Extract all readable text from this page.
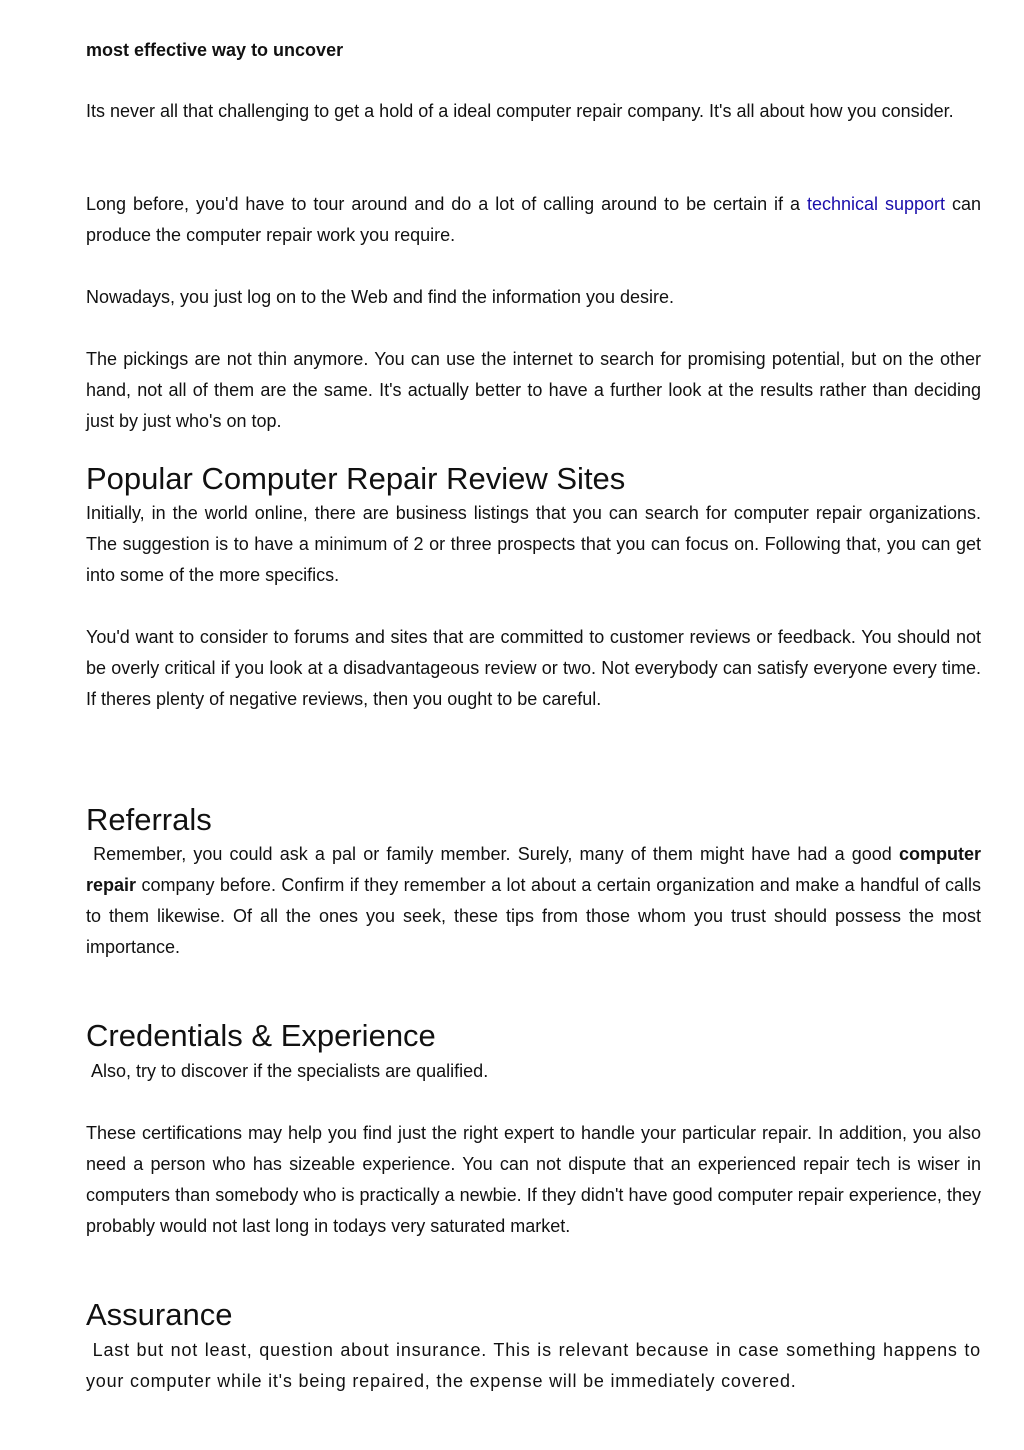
most effective way to uncover

Its never all that challenging to get a hold of a ideal computer repair company. It's all about how you consider.

Long before, you'd have to tour around and do a lot of calling around to be certain if a technical support can produce the computer repair work you require.

Nowadays, you just log on to the Web and find the information you desire.

The pickings are not thin anymore. You can use the internet to search for promising potential, but on the other hand, not all of them are the same. It's actually better to have a further look at the results rather than deciding just by just who's on top.

Popular Computer Repair Review Sites

Initially, in the world online, there are business listings that you can search for computer repair organizations. The suggestion is to have a minimum of 2 or three prospects that you can focus on. Following that, you can get into some of the more specifics.

You'd want to consider to forums and sites that are committed to customer reviews or feedback. You should not be overly critical if you look at a disadvantageous review or two. Not everybody can satisfy everyone every time. If theres plenty of negative reviews, then you ought to be careful.

Referrals

Remember, you could ask a pal or family member. Surely, many of them might have had a good computer repair company before. Confirm if they remember a lot about a certain organization and make a handful of calls to them likewise. Of all the ones you seek, these tips from those whom you trust should possess the most importance.

Credentials & Experience

Also, try to discover if the specialists are qualified.

These certifications may help you find just the right expert to handle your particular repair. In addition, you also need a person who has sizeable experience. You can not dispute that an experienced repair tech is wiser in computers than somebody who is practically a newbie. If they didn't have good computer repair experience, they probably would not last long in todays very saturated market.

Assurance

Last but not least, question about insurance. This is relevant because in case something happens to your computer while it's being repaired, the expense will be immediately covered.
